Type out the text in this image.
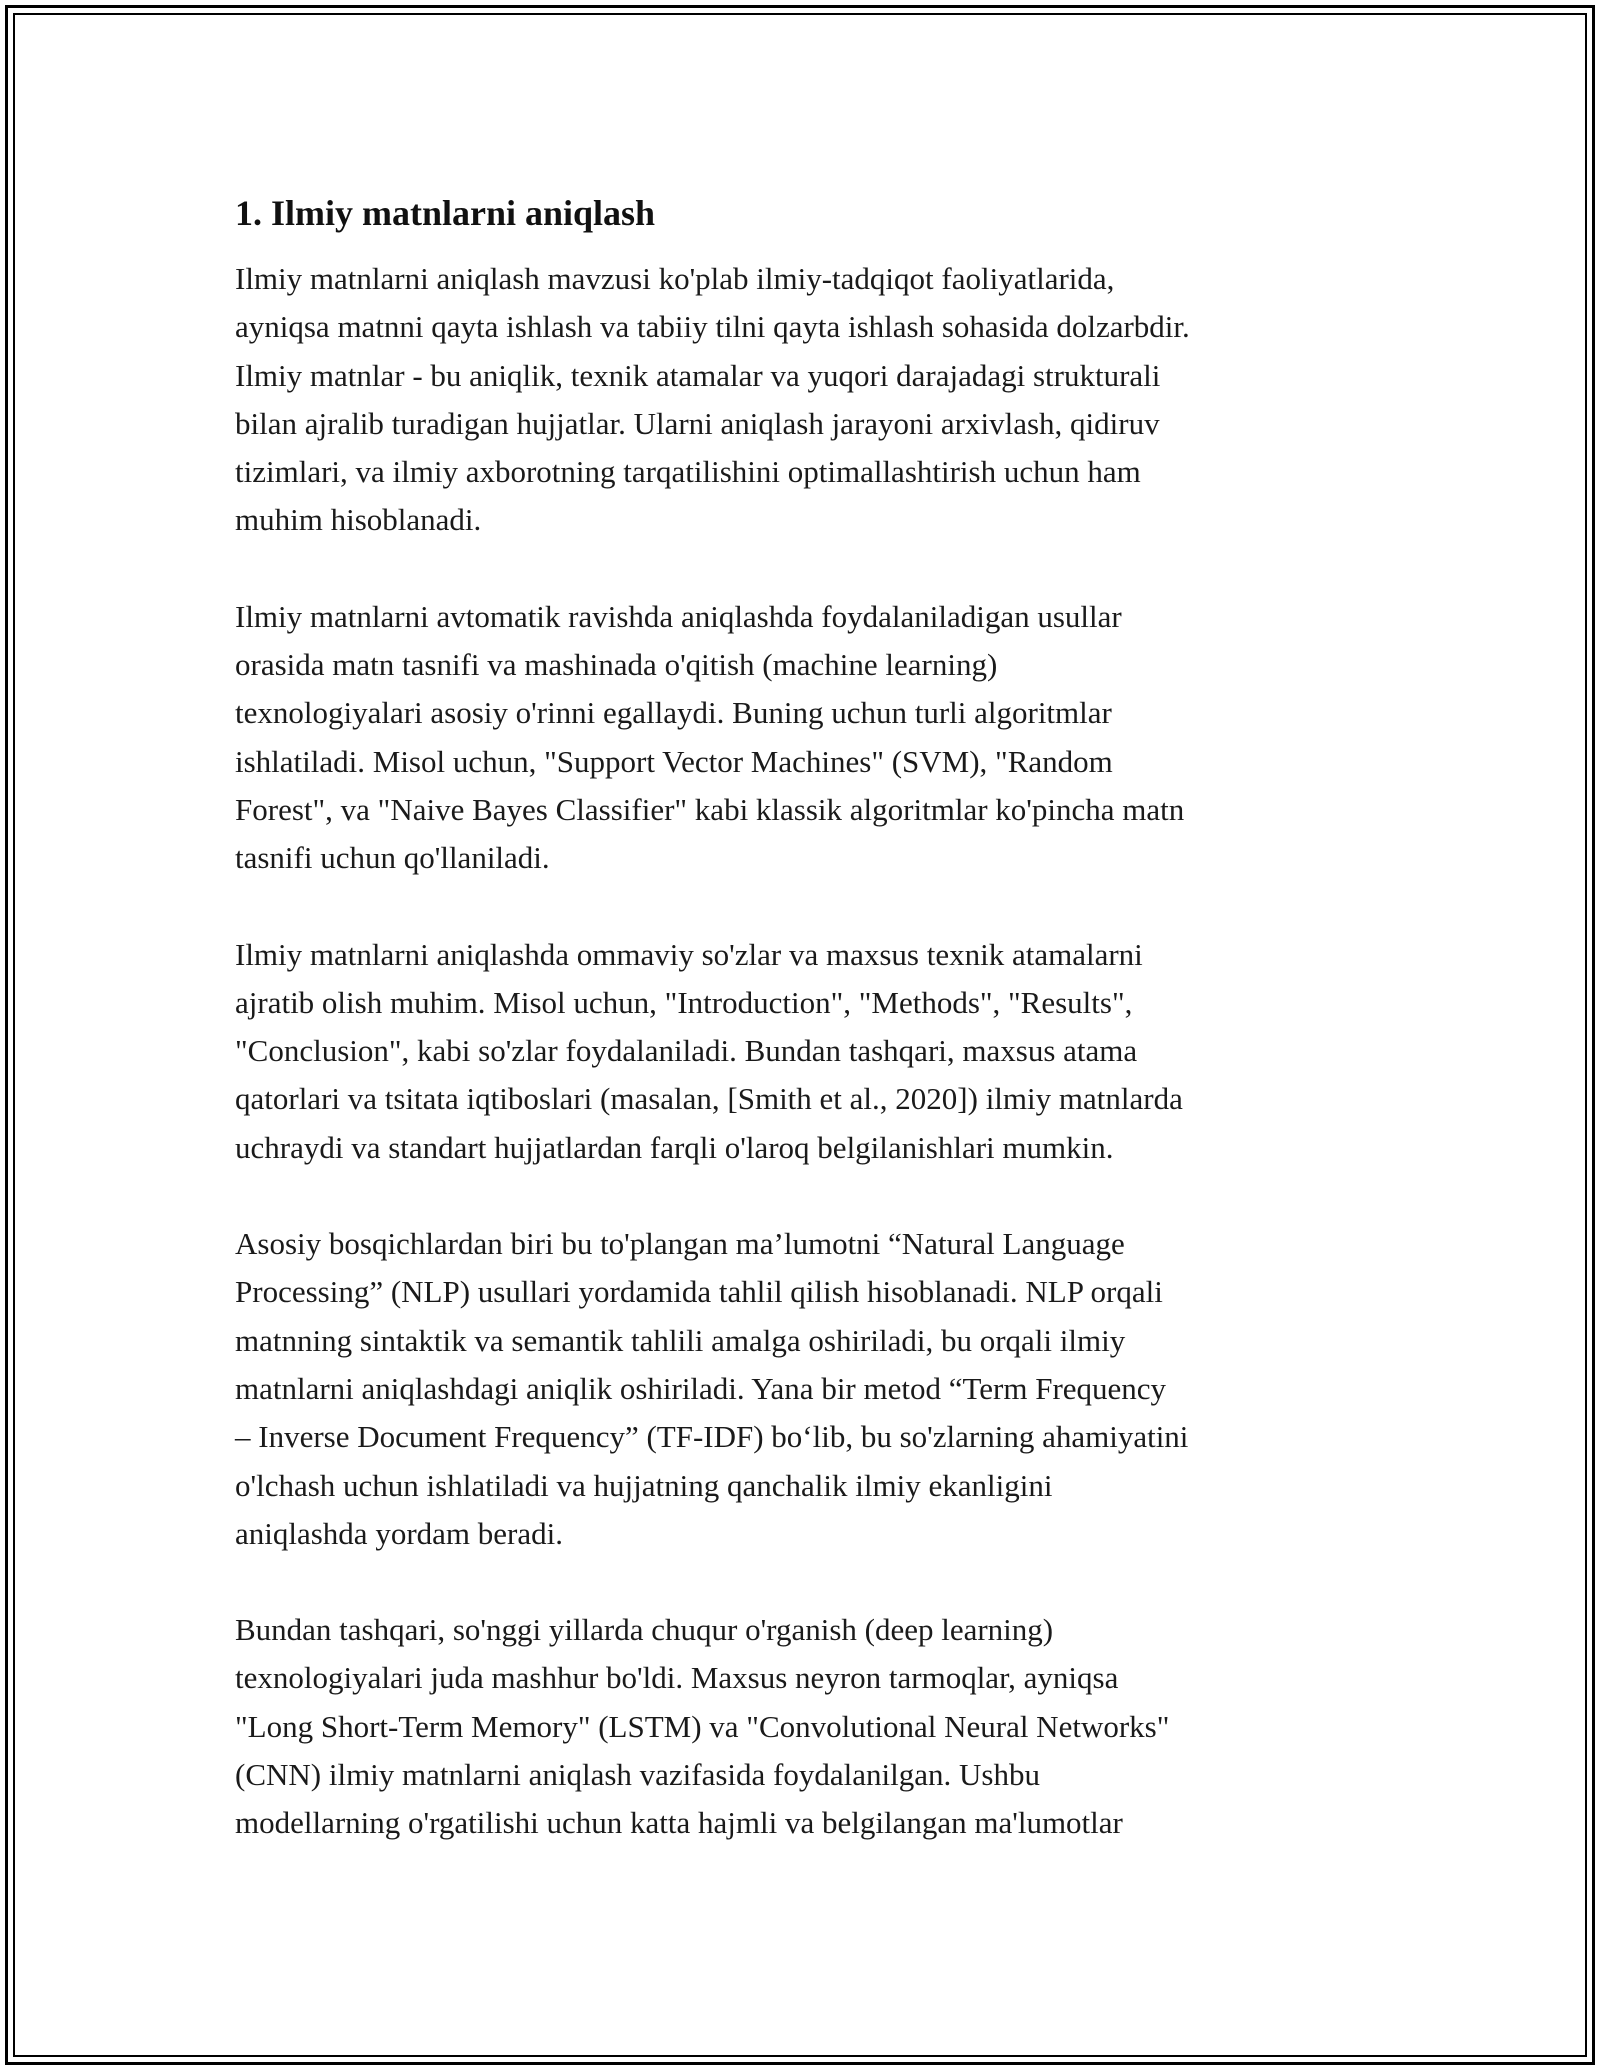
1. Ilmiy matnlarni aniqlash

Ilmiy matnlarni aniqlash mavzusi ko'plab ilmiy-tadqiqot faoliyatlarida,
ayniqsa matnni qayta ishlash va tabiiy tilni qayta ishlash sohasida dolzarbdir.
Ilmiy matnlar - bu aniqlik, texnik atamalar va yuqori darajadagi strukturali
bilan ajralib turadigan hujjatlar. Ularni aniqlash jarayoni arxivlash, qidiruv
tizimlari, va ilmiy axborotning tarqatilishini optimallashtirish uchun ham
muhim hisoblanadi.

Ilmiy matnlarni avtomatik ravishda aniqlashda foydalaniladigan usullar
orasida matn tasnifi va mashinada o'qitish (machine learning)
texnologiyalari asosiy o'rinni egallaydi. Buning uchun turli algoritmlar
ishlatiladi. Misol uchun, "Support Vector Machines" (SVM), "Random
Forest", va "Naive Bayes Classifier" kabi klassik algoritmlar ko'pincha matn
tasnifi uchun qo'llaniladi.

Ilmiy matnlarni aniqlashda ommaviy so'zlar va maxsus texnik atamalarni
ajratib olish muhim. Misol uchun, "Introduction", "Methods", "Results",
"Conclusion", kabi so'zlar foydalaniladi. Bundan tashqari, maxsus atama
qatorlari va tsitata iqtiboslari (masalan, [Smith et al., 2020]) ilmiy matnlarda
uchraydi va standart hujjatlardan farqli o'laroq belgilanishlari mumkin.

Asosiy bosqichlardan biri bu to'plangan ma’lumotni “Natural Language
Processing” (NLP) usullari yordamida tahlil qilish hisoblanadi. NLP orqali
matnning sintaktik va semantik tahlili amalga oshiriladi, bu orqali ilmiy
matnlarni aniqlashdagi aniqlik oshiriladi. Yana bir metod “Term Frequency
– Inverse Document Frequency” (TF-IDF) bo‘lib, bu so'zlarning ahamiyatini
o'lchash uchun ishlatiladi va hujjatning qanchalik ilmiy ekanligini
aniqlashda yordam beradi.

Bundan tashqari, so'nggi yillarda chuqur o'rganish (deep learning)
texnologiyalari juda mashhur bo'ldi. Maxsus neyron tarmoqlar, ayniqsa
"Long Short-Term Memory" (LSTM) va "Convolutional Neural Networks"
(CNN) ilmiy matnlarni aniqlash vazifasida foydalanilgan. Ushbu
modellarning o'rgatilishi uchun katta hajmli va belgilangan ma'lumotlar
